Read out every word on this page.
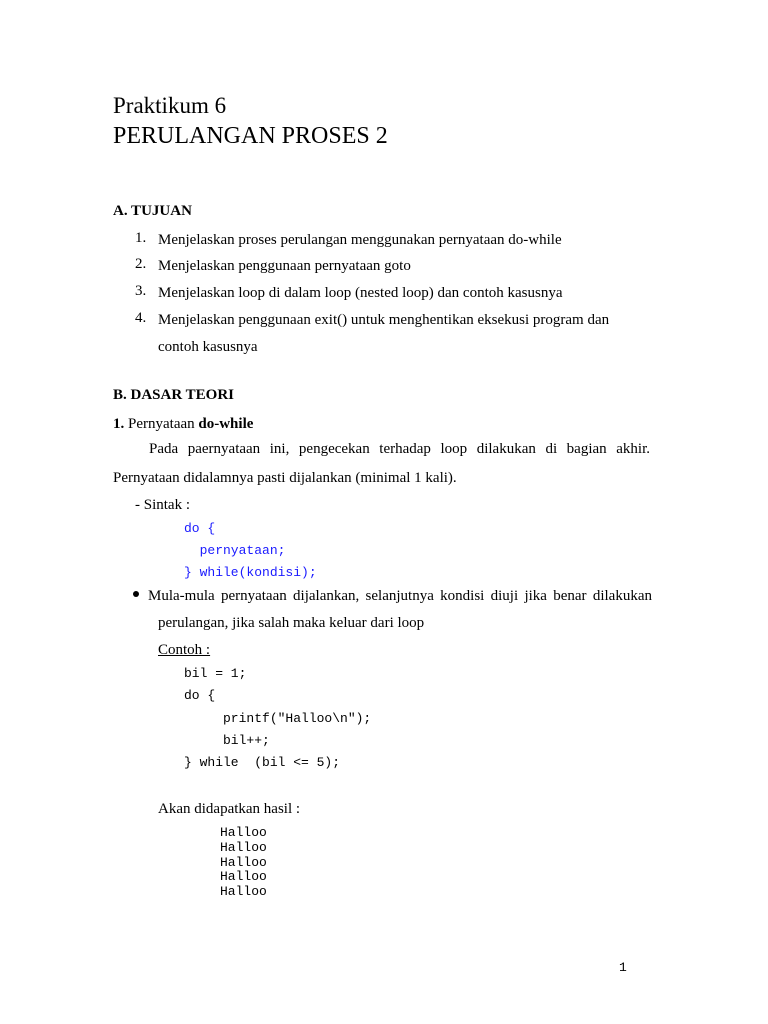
Praktikum 6
PERULANGAN PROSES 2
A. TUJUAN
1. Menjelaskan proses perulangan menggunakan pernyataan do-while
2. Menjelaskan penggunaan pernyataan goto
3. Menjelaskan loop di dalam loop (nested loop) dan contoh kasusnya
4. Menjelaskan penggunaan exit() untuk menghentikan eksekusi program dan
contoh kasusnya
B. DASAR TEORI
1. Pernyataan do-while
Pada paernyataan ini, pengecekan terhadap loop dilakukan di bagian akhir.
Pernyataan didalamnya pasti dijalankan (minimal 1 kali).
- Sintak :
do {
pernyataan;
} while(kondisi);
Mula-mula pernyataan dijalankan, selanjutnya kondisi diuji jika benar dilakukan
perulangan, jika salah maka keluar dari loop
Contoh :
bil = 1;
do {
printf("Halloo\n");
bil++;
} while  (bil <= 5);
Akan didapatkan hasil :
Halloo
Halloo
Halloo
Halloo
Halloo
1
